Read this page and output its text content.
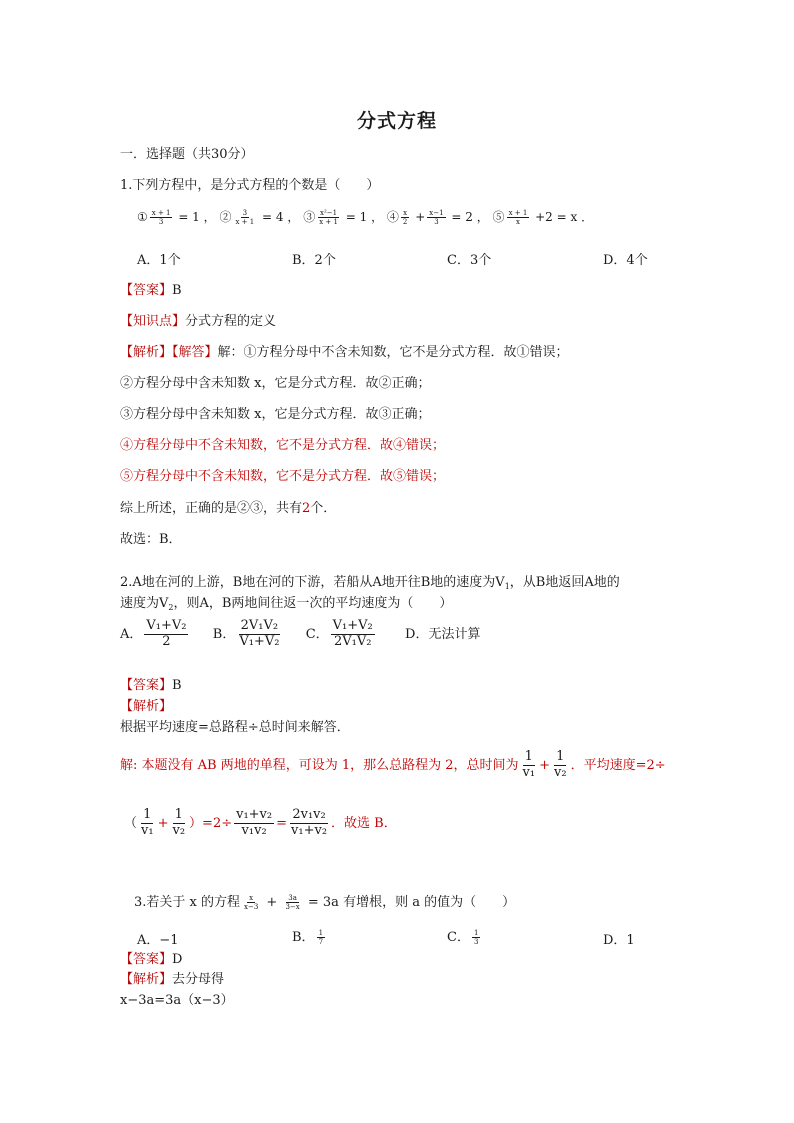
分式方程
一．选择题（共30分）
1.下列方程中，是分式方程的个数是（　　）
① $\frac{x + 1}{3} = 1$ ， ② $\frac{3}{x + 1} = 4$ ， ③ $\frac{\text{x²−1}}{x + 1} = 1$ ， ④ $\frac{x}{2} + \frac{x-1}{3} = 2$ ， ⑤ $\frac{x + 1}{x} +2 = x$ ．
A．1个	B．2个	C．3个	D．4个
【答案】B
【知识点】分式方程的定义
【解析】【解答】解：①方程分母中不含未知数，它不是分式方程．故①错误；
②方程分母中含未知数 x，它是分式方程．故②正确；
③方程分母中含未知数 x，它是分式方程．故③正确；
④方程分母中不含未知数，它不是分式方程．故④错误；
⑤方程分母中不含未知数，它不是分式方程．故⑤错误；
综上所述，正确的是②③，共有2个．
故选：B．
2.A地在河的上游，B地在河的下游，若船从A地开往B地的速度为$V_1$，从B地返回A地的
速度为$V_2$，则A，B两地间往返一次的平均速度为（　　）
A． $\frac{\text{V₁+V₂}}{2}$ B． $\frac{\text{2V₁V₂}}{\text{V₁+V₂}}$ C． $\frac{\text{V₁+V₂}}{\text{2V₁V₂}}$ D．无法计算
【答案】B
【解析】
根据平均速度=总路程÷总时间来解答．
解: 本题没有 AB 两地的单程，可设为 1，那么总路程为 2，总时间为 $\frac{1}{\text{v₁}} + \frac{1}{\text{v₂}}$ ．平均速度=2÷
（ $\frac{1}{\text{v₁}} + \frac{1}{\text{v₂}} )=2\div \frac{\text{v₁+v₂}}{\text{v₁v₂}} = \frac{\text{2v₁v₂}}{\text{v₁+v₂}}$ ．故选 B．
3.若关于 x 的方程 $\frac{x}{x-3} + \frac{3a}{3-x} = 3a$ 有增根，则 a 的值为（　　）
A．−1	B． $\frac{1}{7}$	C． $\frac{1}{3}$	D．1
【答案】D
【解析】去分母得
x−3a=3a（x−3）
